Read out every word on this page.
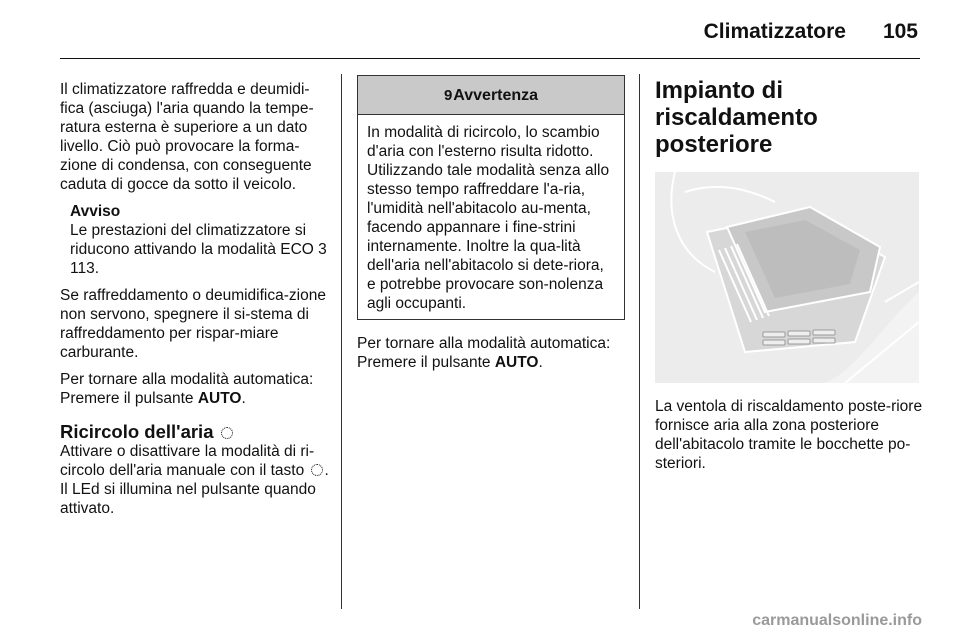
Climatizzatore 105

Il climatizzatore raffredda e deumidi-fica (asciuga) l'aria quando la tempe-ratura esterna è superiore a un dato livello. Ciò può provocare la forma-zione di condensa, con conseguente caduta di gocce da sotto il veicolo.

Avviso
Le prestazioni del climatizzatore si riducono attivando la modalità ECO 3 113.

Se raffreddamento o deumidifica-zione non servono, spegnere il si-stema di raffreddamento per rispar-miare carburante.

Per tornare alla modalità automatica: Premere il pulsante AUTO.

Ricircolo dell'aria

Attivare o disattivare la modalità di ri-circolo dell'aria manuale con il tasto . Il LEd si illumina nel pulsante quando attivato.

9 Avvertenza
In modalità di ricircolo, lo scambio d'aria con l'esterno risulta ridotto. Utilizzando tale modalità senza allo stesso tempo raffreddare l'a-ria, l'umidità nell'abitacolo au-menta, facendo appannare i fine-strini internamente. Inoltre la qua-lità dell'aria nell'abitacolo si dete-riora, e potrebbe provocare son-nolenza agli occupanti.

Per tornare alla modalità automatica: Premere il pulsante AUTO.

Impianto di riscaldamento posteriore

La ventola di riscaldamento poste-riore fornisce aria alla zona posteriore dell'abitacolo tramite le bocchette po-steriori.

carmanualsonline.info
